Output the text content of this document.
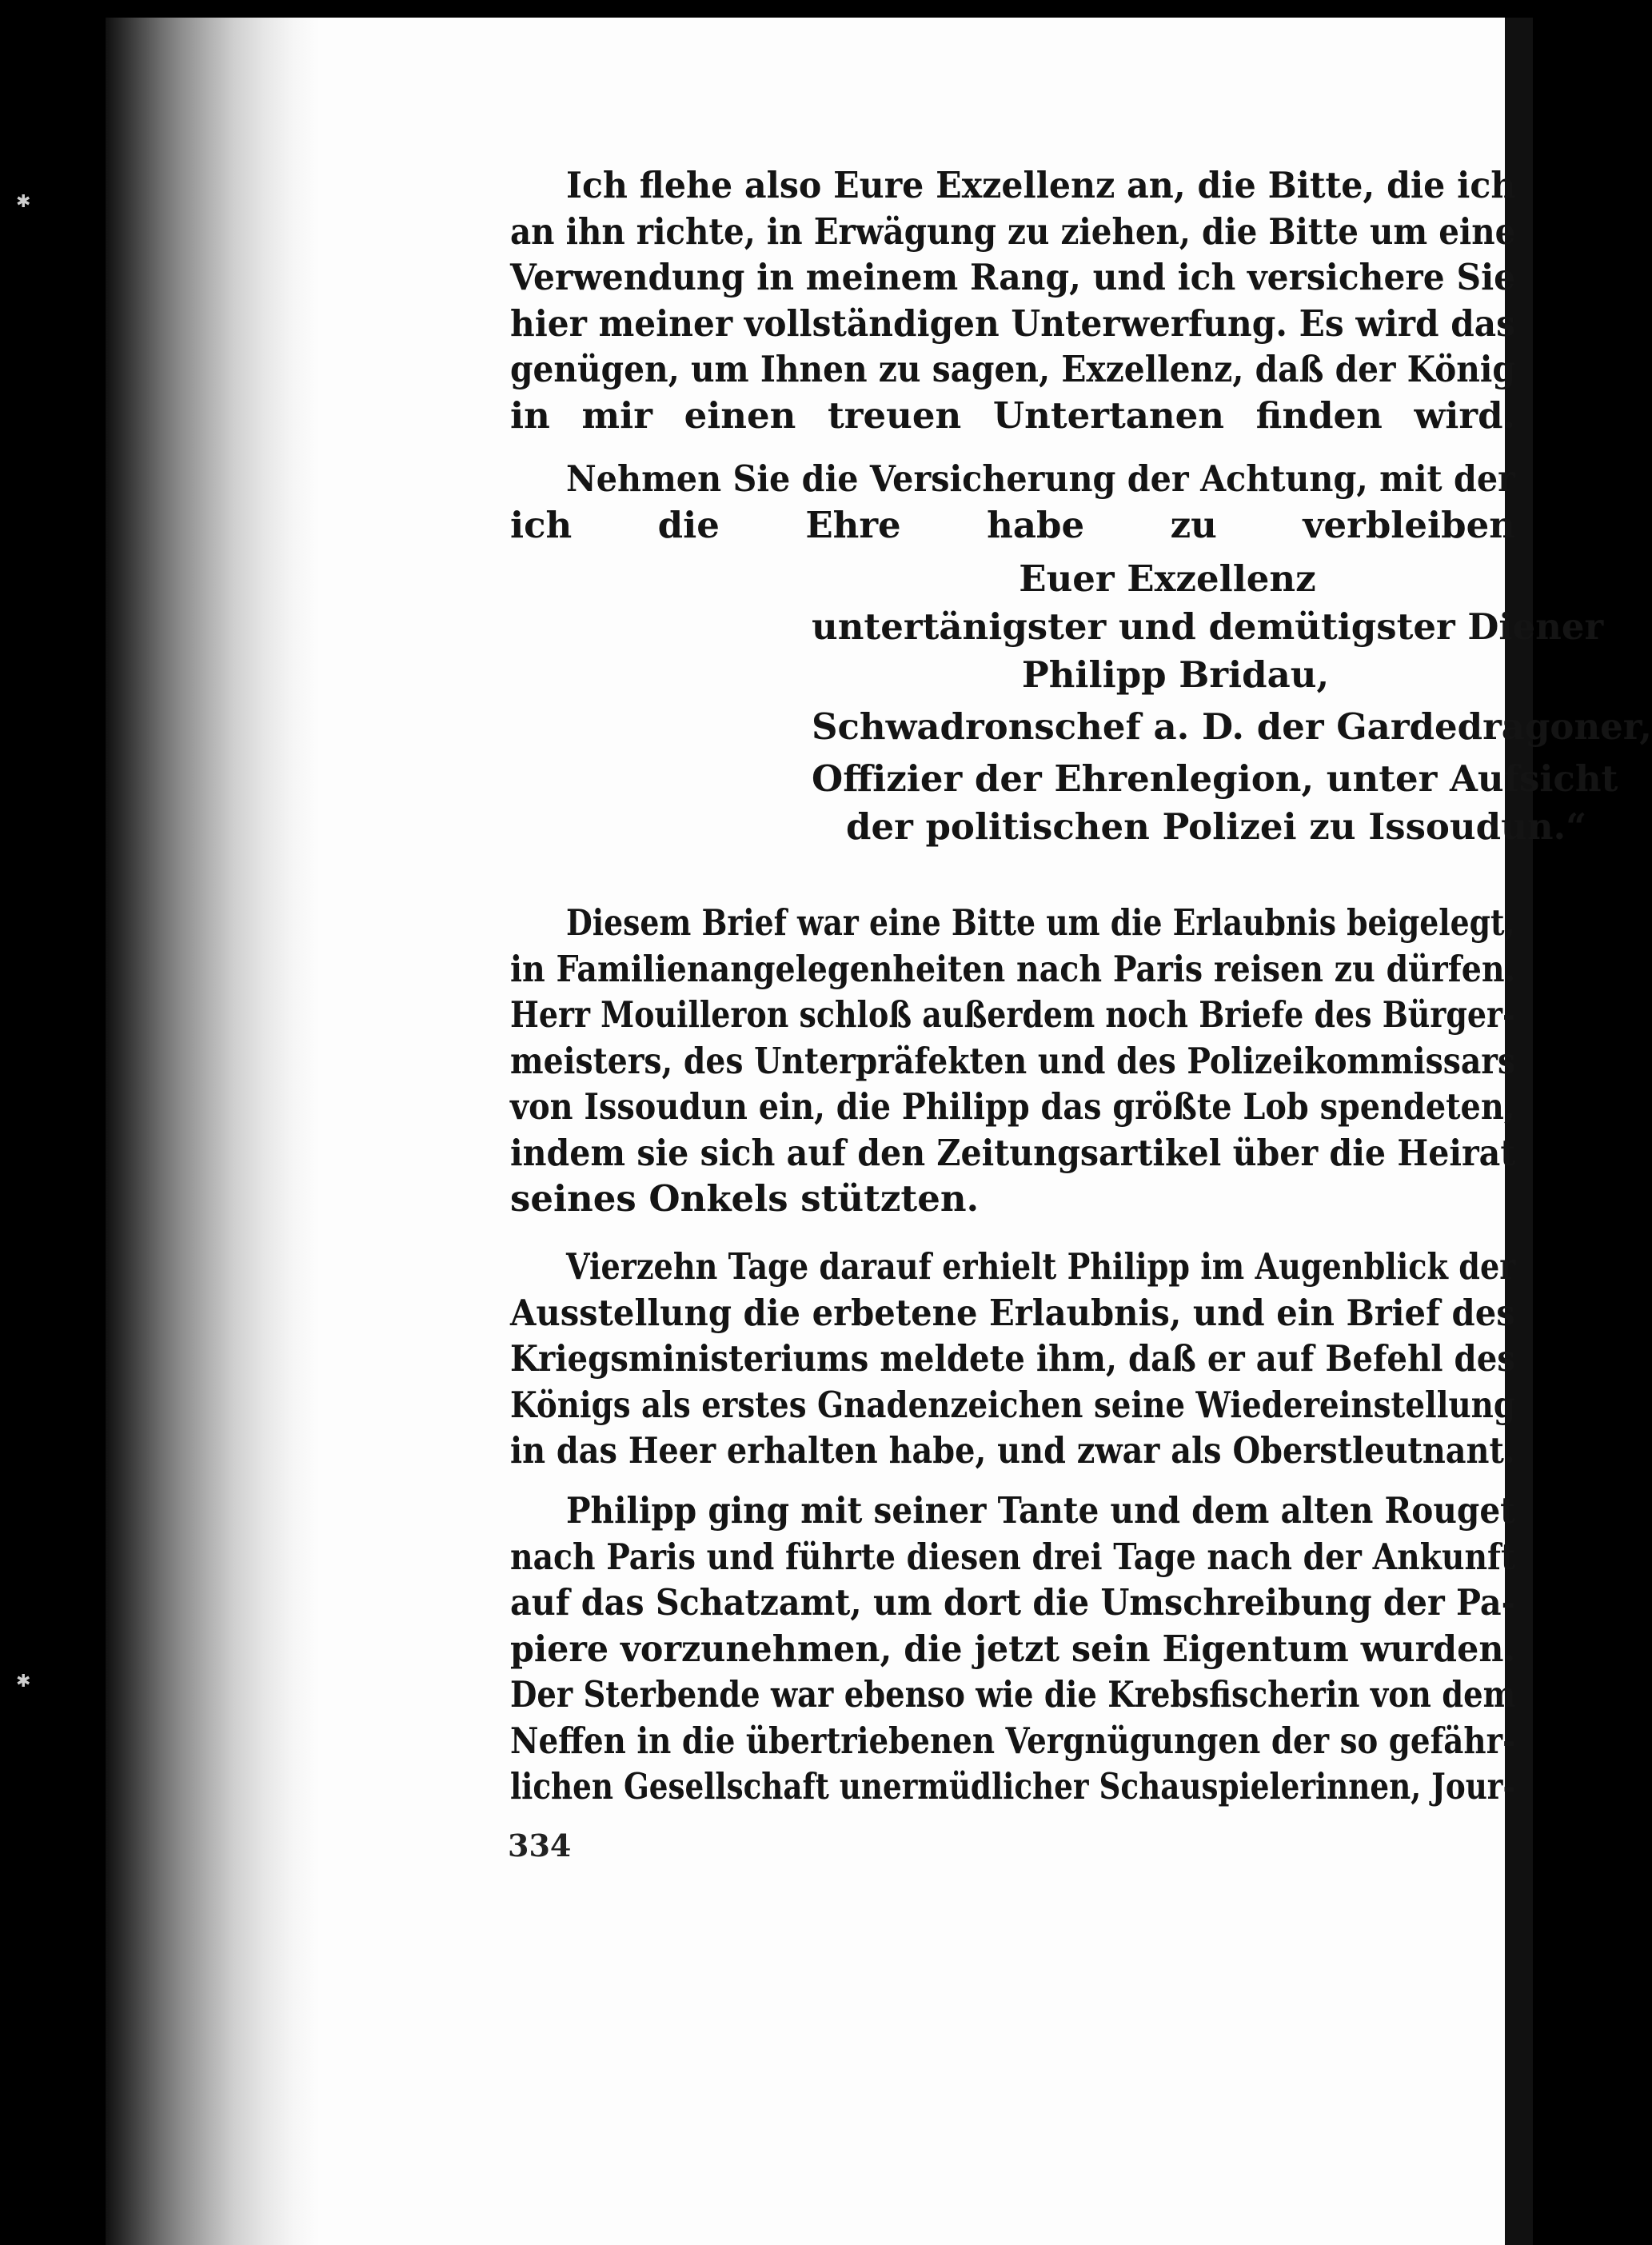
✱
✱
Ich flehe also Eure Exzellenz an, die Bitte, die ich
an ihn richte, in Erwägung zu ziehen, die Bitte um eine
Verwendung in meinem Rang, und ich versichere Sie
hier meiner vollständigen Unterwerfung. Es wird das
genügen, um Ihnen zu sagen, Exzellenz, daß der König
in mir einen treuen Untertanen finden wird.
Nehmen Sie die Versicherung der Achtung, mit der
ich die Ehre habe zu verbleiben
Euer Exzellenz
untertänigster und demütigster Diener
Philipp Bridau,
Schwadronschef a. D. der Gardedragoner,
Offizier der Ehrenlegion, unter Aufsicht
der politischen Polizei zu Issoudun.“
Diesem Brief war eine Bitte um die Erlaubnis beigelegt,
in Familienangelegenheiten nach Paris reisen zu dürfen.
Herr Mouilleron schloß außerdem noch Briefe des Bürger-
meisters, des Unterpräfekten und des Polizeikommissars
von Issoudun ein, die Philipp das größte Lob spendeten,
indem sie sich auf den Zeitungsartikel über die Heirat
seines Onkels stützten.
Vierzehn Tage darauf erhielt Philipp im Augenblick der
Ausstellung die erbetene Erlaubnis, und ein Brief des
Kriegsministeriums meldete ihm, daß er auf Befehl des
Königs als erstes Gnadenzeichen seine Wiedereinstellung
in das Heer erhalten habe, und zwar als Oberstleutnant.
Philipp ging mit seiner Tante und dem alten Rouget
nach Paris und führte diesen drei Tage nach der Ankunft
auf das Schatzamt, um dort die Umschreibung der Pa-
piere vorzunehmen, die jetzt sein Eigentum wurden.
Der Sterbende war ebenso wie die Krebsfischerin von dem
Neffen in die übertriebenen Vergnügungen der so gefähr-
lichen Gesellschaft unermüdlicher Schauspielerinnen, Jour-
334
